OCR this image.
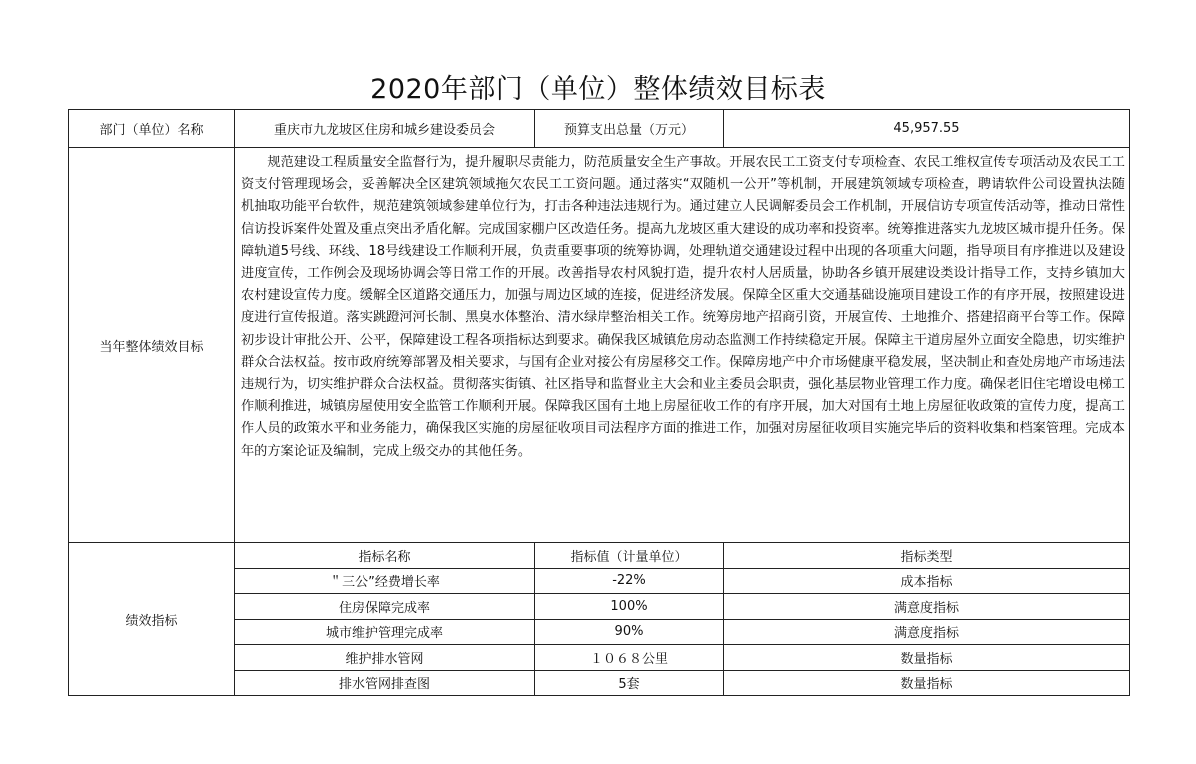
2020年部门（单位）整体绩效目标表
部门（单位）名称	重庆市九龙坡区住房和城乡建设委员会	预算支出总量（万元）	45,957.55
当年整体绩效目标	规范建设工程质量安全监督行为，提升履职尽责能力，防范质量安全生产事故。开展农民工工资支付专项检查、农民工维权宣传专项活动及农民工工资支付管理现场会，妥善解决全区建筑领域拖欠农民工工资问题。通过落实“双随机一公开”等机制，开展建筑领域专项检查，聘请软件公司设置执法随机抽取功能平台软件，规范建筑领域参建单位行为，打击各种违法违规行为。通过建立人民调解委员会工作机制，开展信访专项宣传活动等，推动日常性信访投诉案件处置及重点突出矛盾化解。完成国家棚户区改造任务。提高九龙坡区重大建设的成功率和投资率。统筹推进落实九龙坡区城市提升任务。保障轨道5号线、环线、18号线建设工作顺利开展，负责重要事项的统筹协调，处理轨道交通建设过程中出现的各项重大问题，指导项目有序推进以及建设进度宣传，工作例会及现场协调会等日常工作的开展。改善指导农村风貌打造，提升农村人居质量，协助各乡镇开展建设类设计指导工作，支持乡镇加大农村建设宣传力度。缓解全区道路交通压力，加强与周边区域的连接，促进经济发展。保障全区重大交通基础设施项目建设工作的有序开展，按照建设进度进行宣传报道。落实跳蹬河河长制、黑臭水体整治、清水绿岸整治相关工作。统筹房地产招商引资，开展宣传、土地推介、搭建招商平台等工作。保障初步设计审批公开、公平，保障建设工程各项指标达到要求。确保我区城镇危房动态监测工作持续稳定开展。保障主干道房屋外立面安全隐患，切实维护群众合法权益。按市政府统筹部署及相关要求，与国有企业对接公有房屋移交工作。保障房地产中介市场健康平稳发展，坚决制止和查处房地产市场违法违规行为，切实维护群众合法权益。贯彻落实街镇、社区指导和监督业主大会和业主委员会职责，强化基层物业管理工作力度。确保老旧住宅增设电梯工作顺利推进，城镇房屋使用安全监管工作顺利开展。保障我区国有土地上房屋征收工作的有序开展，加大对国有土地上房屋征收政策的宣传力度，提高工作人员的政策水平和业务能力，确保我区实施的房屋征收项目司法程序方面的推进工作，加强对房屋征收项目实施完毕后的资料收集和档案管理。完成本年的方案论证及编制，完成上级交办的其他任务。		
绩效指标	指标名称	指标值（计量单位）	指标类型
	＂三公”经费增长率	-22%	成本指标
	住房保障完成率	100%	满意度指标
	城市维护管理完成率	90%	满意度指标
	维护排水管网	１０６８公里	数量指标
	排水管网排查图	5套	数量指标
